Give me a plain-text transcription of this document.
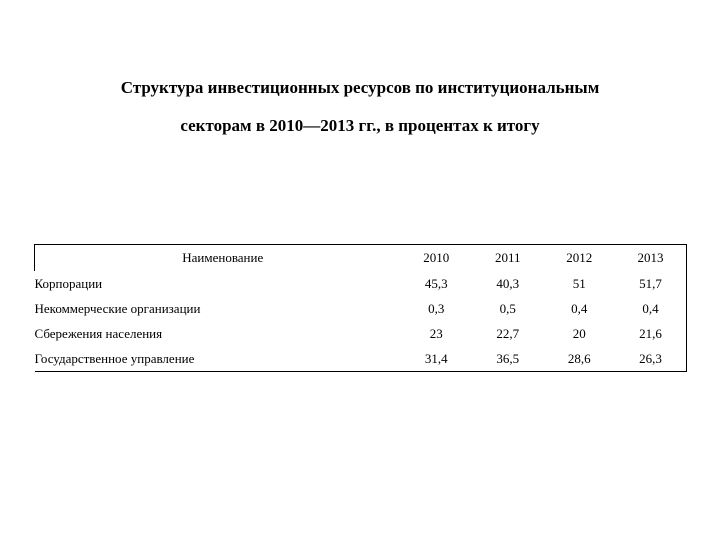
Структура инвестиционных ресурсов по институциональным
секторам в 2010—2013 гг., в процентах к итогу
Наименование	2010	2011	2012	2013
Корпорации	45,3	40,3	51	51,7
Некоммерческие организации	0,3	0,5	0,4	0,4
Сбережения населения	23	22,7	20	21,6
Государственное управление	31,4	36,5	28,6	26,3
